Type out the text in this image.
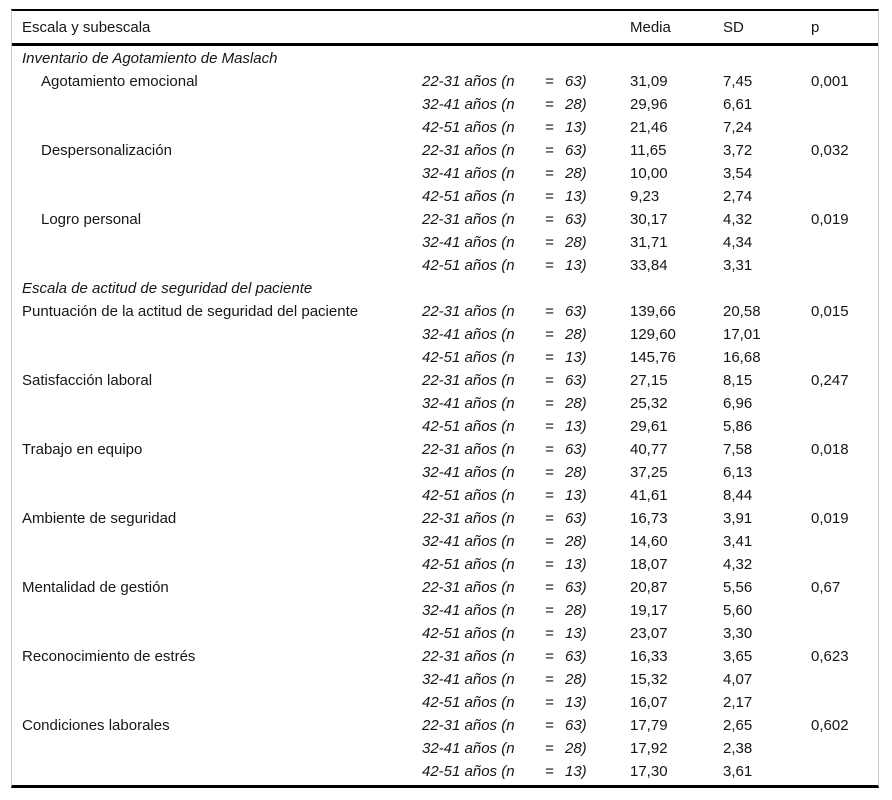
Escala y subescala	Media	SD	p
Inventario de Agotamiento de Maslach
Agotamiento emocional	22-31 años (n	= 63)	31,09	7,45	0,001
32-41 años (n	= 28)	29,96	6,61
42-51 años (n	= 13)	21,46	7,24
Despersonalización	22-31 años (n	= 63)	11,65	3,72	0,032
32-41 años (n	= 28)	10,00	3,54
42-51 años (n	= 13)	9,23	2,74
Logro personal	22-31 años (n	= 63)	30,17	4,32	0,019
32-41 años (n	= 28)	31,71	4,34
42-51 años (n	= 13)	33,84	3,31
Escala de actitud de seguridad del paciente
Puntuación de la actitud de seguridad del paciente	22-31 años (n	= 63)	139,66	20,58	0,015
32-41 años (n	= 28)	129,60	17,01
42-51 años (n	= 13)	145,76	16,68
Satisfacción laboral	22-31 años (n	= 63)	27,15	8,15	0,247
32-41 años (n	= 28)	25,32	6,96
42-51 años (n	= 13)	29,61	5,86
Trabajo en equipo	22-31 años (n	= 63)	40,77	7,58	0,018
32-41 años (n	= 28)	37,25	6,13
42-51 años (n	= 13)	41,61	8,44
Ambiente de seguridad	22-31 años (n	= 63)	16,73	3,91	0,019
32-41 años (n	= 28)	14,60	3,41
42-51 años (n	= 13)	18,07	4,32
Mentalidad de gestión	22-31 años (n	= 63)	20,87	5,56	0,67
32-41 años (n	= 28)	19,17	5,60
42-51 años (n	= 13)	23,07	3,30
Reconocimiento de estrés	22-31 años (n	= 63)	16,33	3,65	0,623
32-41 años (n	= 28)	15,32	4,07
42-51 años (n	= 13)	16,07	2,17
Condiciones laborales	22-31 años (n	= 63)	17,79	2,65	0,602
32-41 años (n	= 28)	17,92	2,38
42-51 años (n	= 13)	17,30	3,61
